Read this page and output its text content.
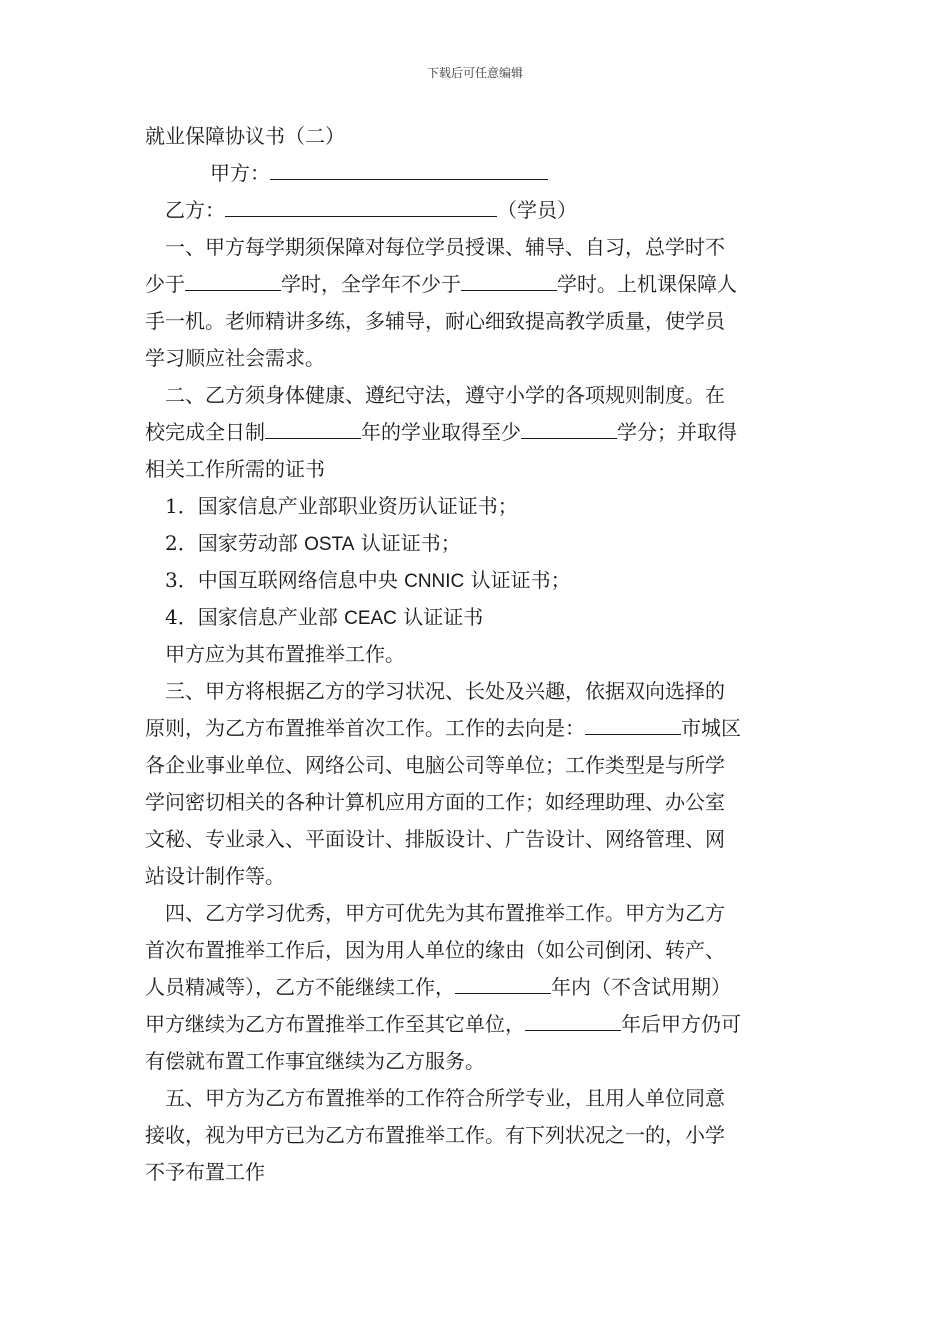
下载后可任意编辑
就业保障协议书（二）
甲方：
乙方：	（学员）
一、甲方每学期须保障对每位学员授课、辅导、自习，总学时不
少于	学时，全学年不少于	学时。上机课保障人
手一机。老师精讲多练，多辅导，耐心细致提高教学质量，使学员
学习顺应社会需求。
二、乙方须身体健康、遵纪守法，遵守小学的各项规则制度。在
校完成全日制	年的学业取得至少	学分；并取得
相关工作所需的证书
1．国家信息产业部职业资历认证证书；
2．国家劳动部 OSTA 认证证书；
3．中国互联网络信息中央 CNNIC 认证证书；
4．国家信息产业部 CEAC 认证证书
甲方应为其布置推举工作。
三、甲方将根据乙方的学习状况、长处及兴趣，依据双向选择的
原则，为乙方布置推举首次工作。工作的去向是：	市城区
各企业事业单位、网络公司、电脑公司等单位；工作类型是与所学
学问密切相关的各种计算机应用方面的工作；如经理助理、办公室
文秘、专业录入、平面设计、排版设计、广告设计、网络管理、网
站设计制作等。
四、乙方学习优秀，甲方可优先为其布置推举工作。甲方为乙方
首次布置推举工作后，因为用人单位的缘由（如公司倒闭、转产、
人员精减等），乙方不能继续工作，	年内（不含试用期）
甲方继续为乙方布置推举工作至其它单位，	年后甲方仍可
有偿就布置工作事宜继续为乙方服务。
五、甲方为乙方布置推举的工作符合所学专业，且用人单位同意
接收，视为甲方已为乙方布置推举工作。有下列状况之一的，小学
不予布置工作
